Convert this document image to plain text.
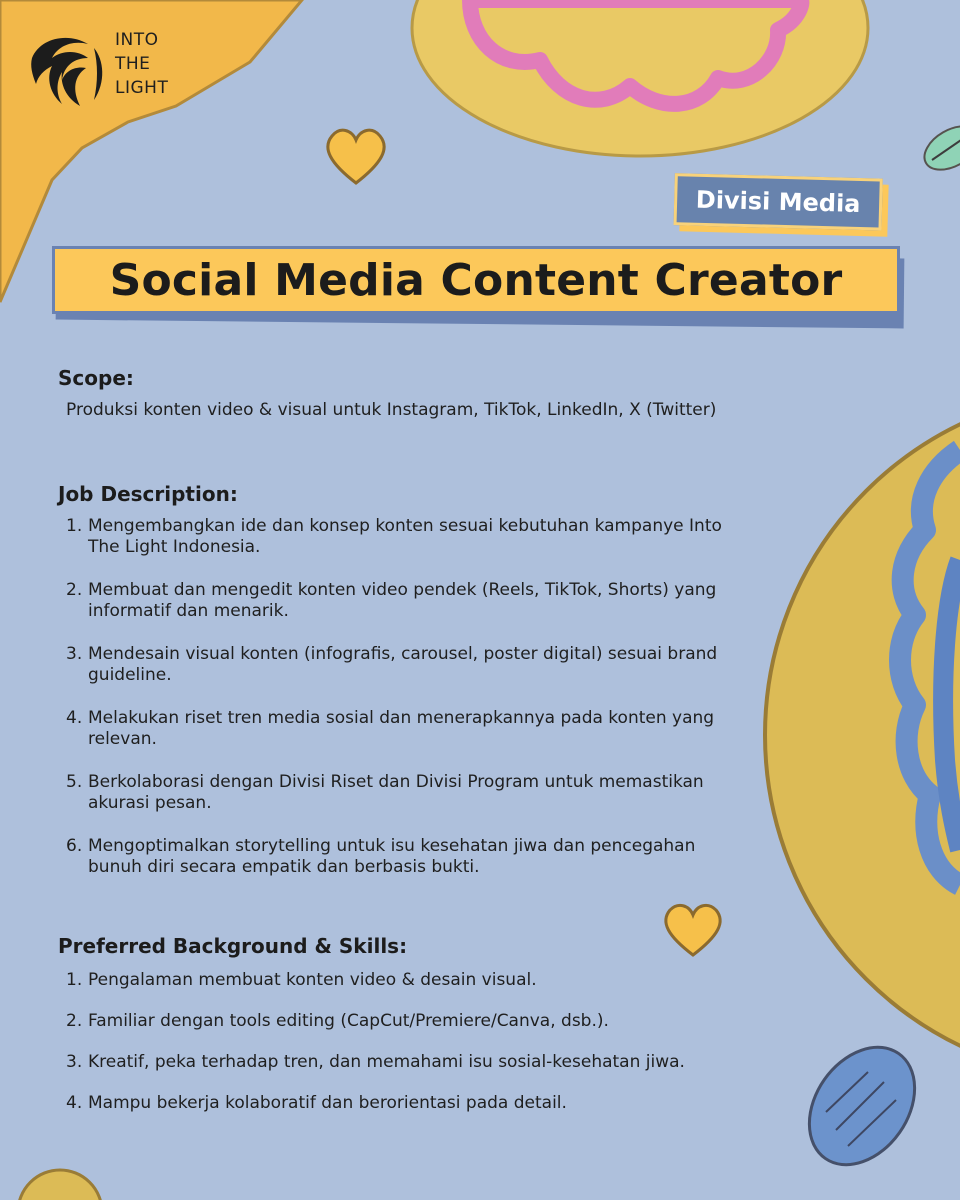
INTO
THE
LIGHT
Divisi Media
Social Media Content Creator
Scope:
Produksi konten video & visual untuk Instagram, TikTok, LinkedIn, X (Twitter)
Job Description:
1. Mengembangkan ide dan konsep konten sesuai kebutuhan kampanye Into The Light Indonesia.
2. Membuat dan mengedit konten video pendek (Reels, TikTok, Shorts) yang informatif dan menarik.
3. Mendesain visual konten (infografis, carousel, poster digital) sesuai brand guideline.
4. Melakukan riset tren media sosial dan menerapkannya pada konten yang relevan.
5. Berkolaborasi dengan Divisi Riset dan Divisi Program untuk memastikan akurasi pesan.
6. Mengoptimalkan storytelling untuk isu kesehatan jiwa dan pencegahan bunuh diri secara empatik dan berbasis bukti.
Preferred Background & Skills:
1. Pengalaman membuat konten video & desain visual.
2. Familiar dengan tools editing (CapCut/Premiere/Canva, dsb.).
3. Kreatif, peka terhadap tren, dan memahami isu sosial-kesehatan jiwa.
4. Mampu bekerja kolaboratif dan berorientasi pada detail.
